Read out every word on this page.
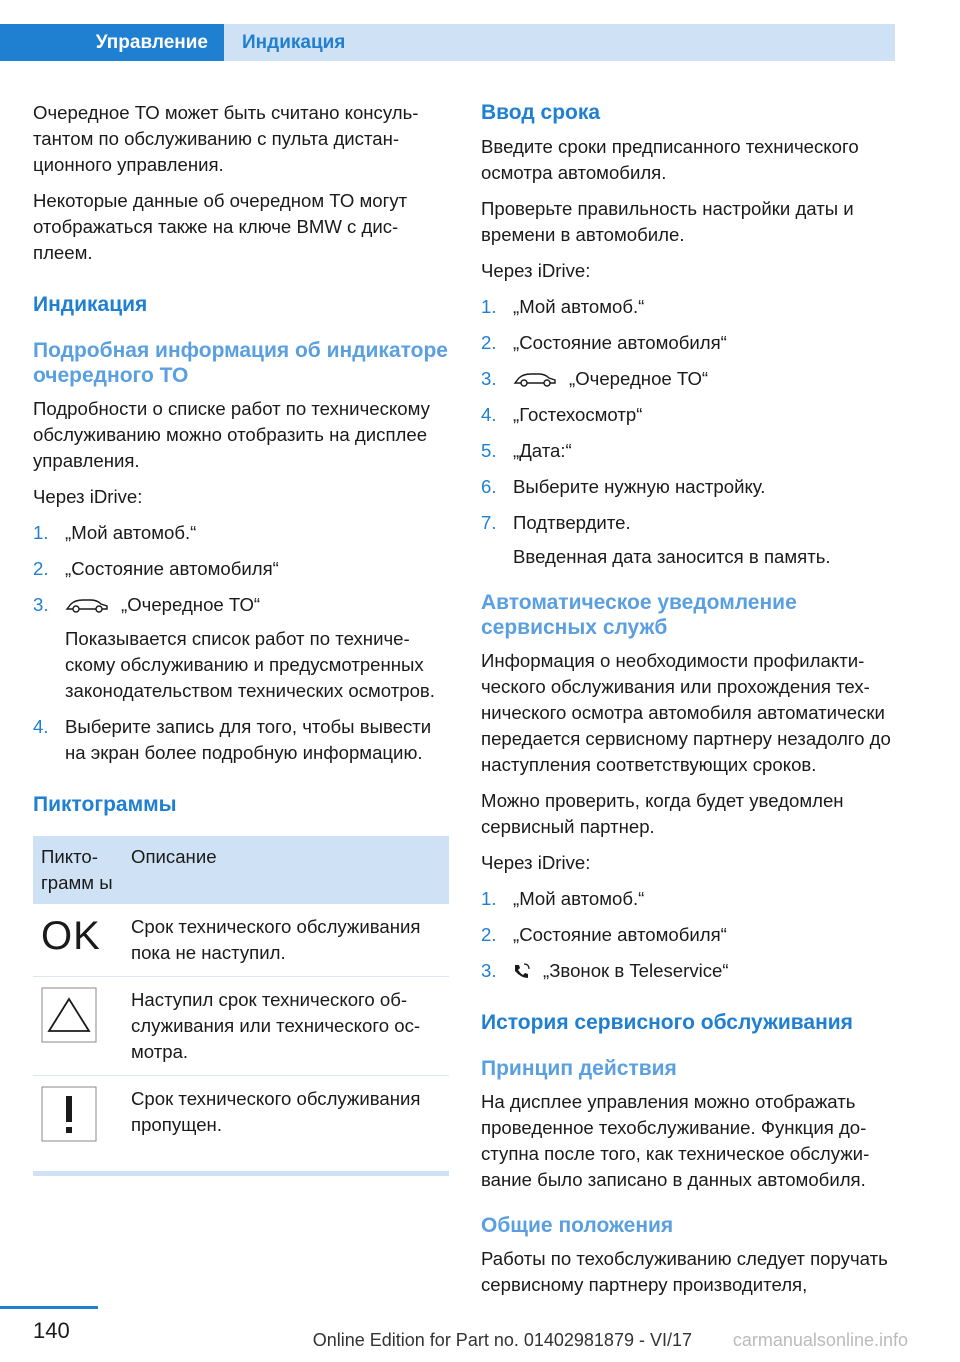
Управление	Индикация

Очередное ТО может быть считано консультантом по обслуживанию с пульта дистанционного управления.

Некоторые данные об очередном ТО могут отображаться также на ключе BMW с дисплеем.

Индикация
Подробная информация об индикаторе очередного ТО

Подробности о списке работ по техническому обслуживанию можно отобразить на дисплее управления.

Через iDrive:

1. „Мой автомоб.“
2. „Состояние автомобиля“
3.	„Очередное ТО“
Показывается список работ по техническому обслуживанию и предусмотренных законодательством технических осмотров.
4. Выберите запись для того, чтобы вывести на экран более подробную информацию.
Пиктограммы
Пикто-грамм ы	Описание
OK	Срок технического обслуживания пока не наступил.
	Наступил срок технического обслуживания или технического осмотра.
	Срок технического обслуживания пропущен.
Ввод срока

Введите сроки предписанного технического осмотра автомобиля.

Проверьте правильность настройки даты и времени в автомобиле.

Через iDrive:

1. „Мой автомоб.“
2. „Состояние автомобиля“
3.	„Очередное ТО“
4. „Гостехосмотр“
5. „Дата:“
6. Выберите нужную настройку.
7. Подтвердите.
Введенная дата заносится в память.
Автоматическое уведомление сервисных служб

Информация о необходимости профилактического обслуживания или прохождения технического осмотра автомобиля автоматически передается сервисному партнеру незадолго до наступления соответствующих сроков.

Можно проверить, когда будет уведомлен сервисный партнер.

Через iDrive:

1. „Мой автомоб.“
2. „Состояние автомобиля“
3. „Звонок в Teleservice“
История сервисного обслуживания
Принцип действия

На дисплее управления можно отображать проведенное техобслуживание. Функция доступна после того, как техническое обслуживание было записано в данных автомобиля.

Общие положения

Работы по техобслуживанию следует поручать сервисному партнеру производителя,

140	Online Edition for Part no. 01402981879 - VI/17 carmanualsonline.info
